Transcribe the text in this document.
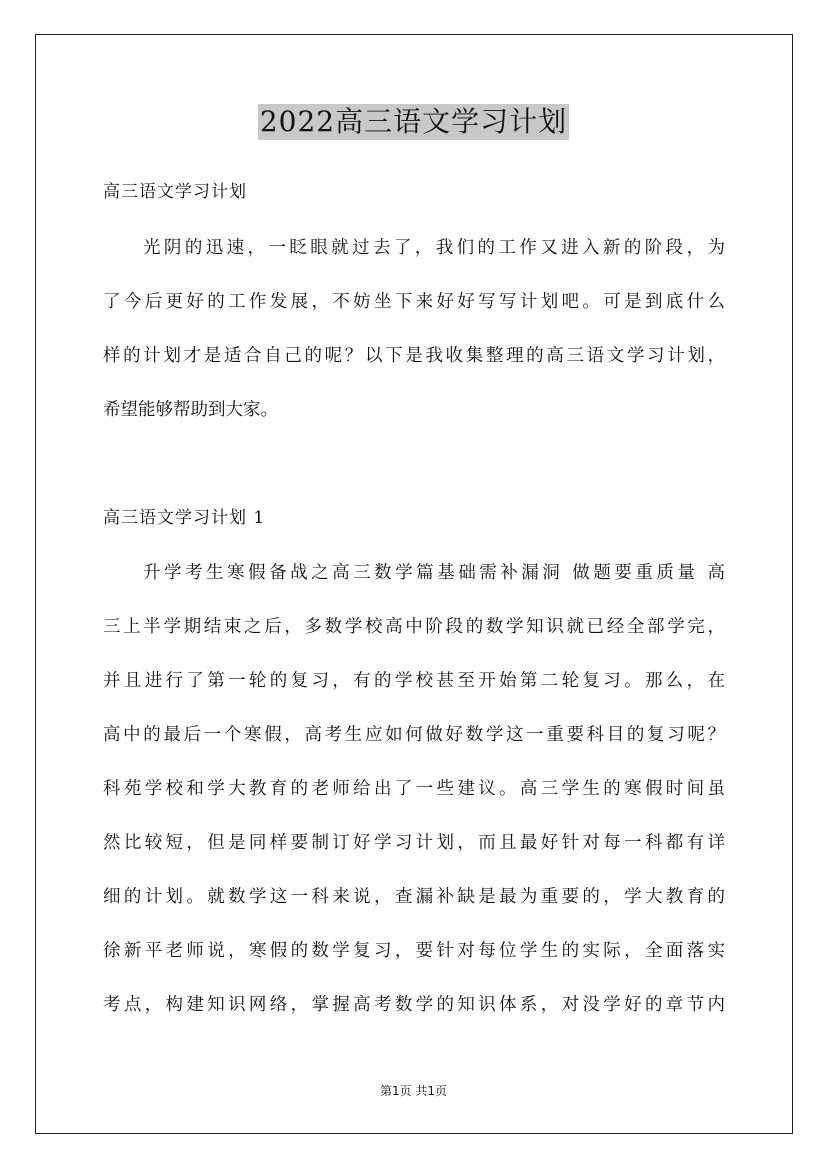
2022高三语文学习计划
高三语文学习计划
光阴的迅速，一眨眼就过去了，我们的工作又进入新的阶段，为
了今后更好的工作发展，不妨坐下来好好写写计划吧。可是到底什么
样的计划才是适合自己的呢？以下是我收集整理的高三语文学习计划，
希望能够帮助到大家。
高三语文学习计划 1
升学考生寒假备战之高三数学篇基础需补漏洞 做题要重质量 高
三上半学期结束之后，多数学校高中阶段的数学知识就已经全部学完，
并且进行了第一轮的复习，有的学校甚至开始第二轮复习。那么，在
高中的最后一个寒假，高考生应如何做好数学这一重要科目的复习呢？
科苑学校和学大教育的老师给出了一些建议。高三学生的寒假时间虽
然比较短，但是同样要制订好学习计划，而且最好针对每一科都有详
细的计划。就数学这一科来说，查漏补缺是最为重要的，学大教育的
徐新平老师说，寒假的数学复习，要针对每位学生的实际，全面落实
考点，构建知识网络，掌握高考数学的知识体系，对没学好的章节内
第1页 共1页
